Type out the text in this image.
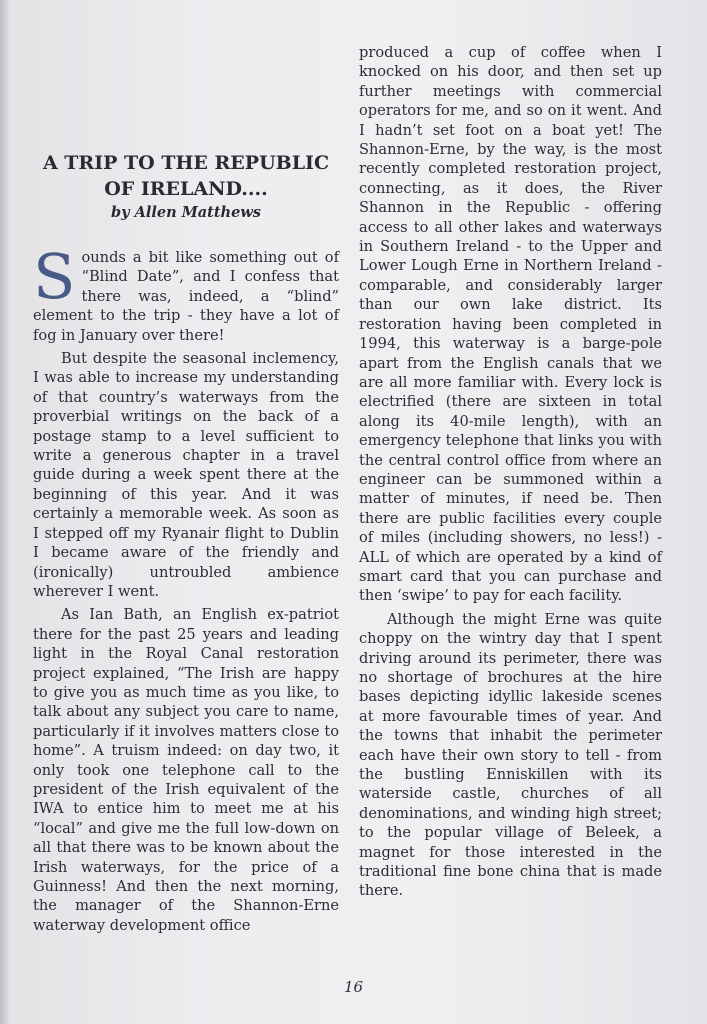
A TRIP TO THE REPUBLIC OF IRELAND....
by Allen Matthews

Sounds a bit like something out of “Blind Date”, and I confess that there was, indeed, a “blind” element to the trip - they have a lot of fog in January over there!

But despite the seasonal inclemency, I was able to increase my understanding of that country’s waterways from the proverbial writings on the back of a postage stamp to a level sufficient to write a generous chapter in a travel guide during a week spent there at the beginning of this year. And it was certainly a memorable week. As soon as I stepped off my Ryanair flight to Dublin I became aware of the friendly and (ironically) untroubled ambience wherever I went.

As Ian Bath, an English ex-patriot there for the past 25 years and leading light in the Royal Canal restoration project explained, “The Irish are happy to give you as much time as you like, to talk about any subject you care to name, particularly if it involves matters close to home”. A truism indeed: on day two, it only took one telephone call to the president of the Irish equivalent of the IWA to entice him to meet me at his “local” and give me the full low-down on all that there was to be known about the Irish waterways, for the price of a Guinness! And then the next morning, the manager of the Shannon-Erne waterway development office

produced a cup of coffee when I knocked on his door, and then set up further meetings with commercial operators for me, and so on it went. And I hadn’t set foot on a boat yet! The Shannon-Erne, by the way, is the most recently completed restoration project, connecting, as it does, the River Shannon in the Republic - offering access to all other lakes and waterways in Southern Ireland - to the Upper and Lower Lough Erne in Northern Ireland - comparable, and considerably larger than our own lake district. Its restoration having been completed in 1994, this waterway is a barge-pole apart from the English canals that we are all more familiar with. Every lock is electrified (there are sixteen in total along its 40-mile length), with an emergency telephone that links you with the central control office from where an engineer can be summoned within a matter of minutes, if need be. Then there are public facilities every couple of miles (including showers, no less!) - ALL of which are operated by a kind of smart card that you can purchase and then ‘swipe’ to pay for each facility.

Although the might Erne was quite choppy on the wintry day that I spent driving around its perimeter, there was no shortage of brochures at the hire bases depicting idyllic lakeside scenes at more favourable times of year. And the towns that inhabit the perimeter each have their own story to tell - from the bustling Enniskillen with its waterside castle, churches of all denominations, and winding high street; to the popular village of Beleek, a magnet for those interested in the traditional fine bone china that is made there.

16
